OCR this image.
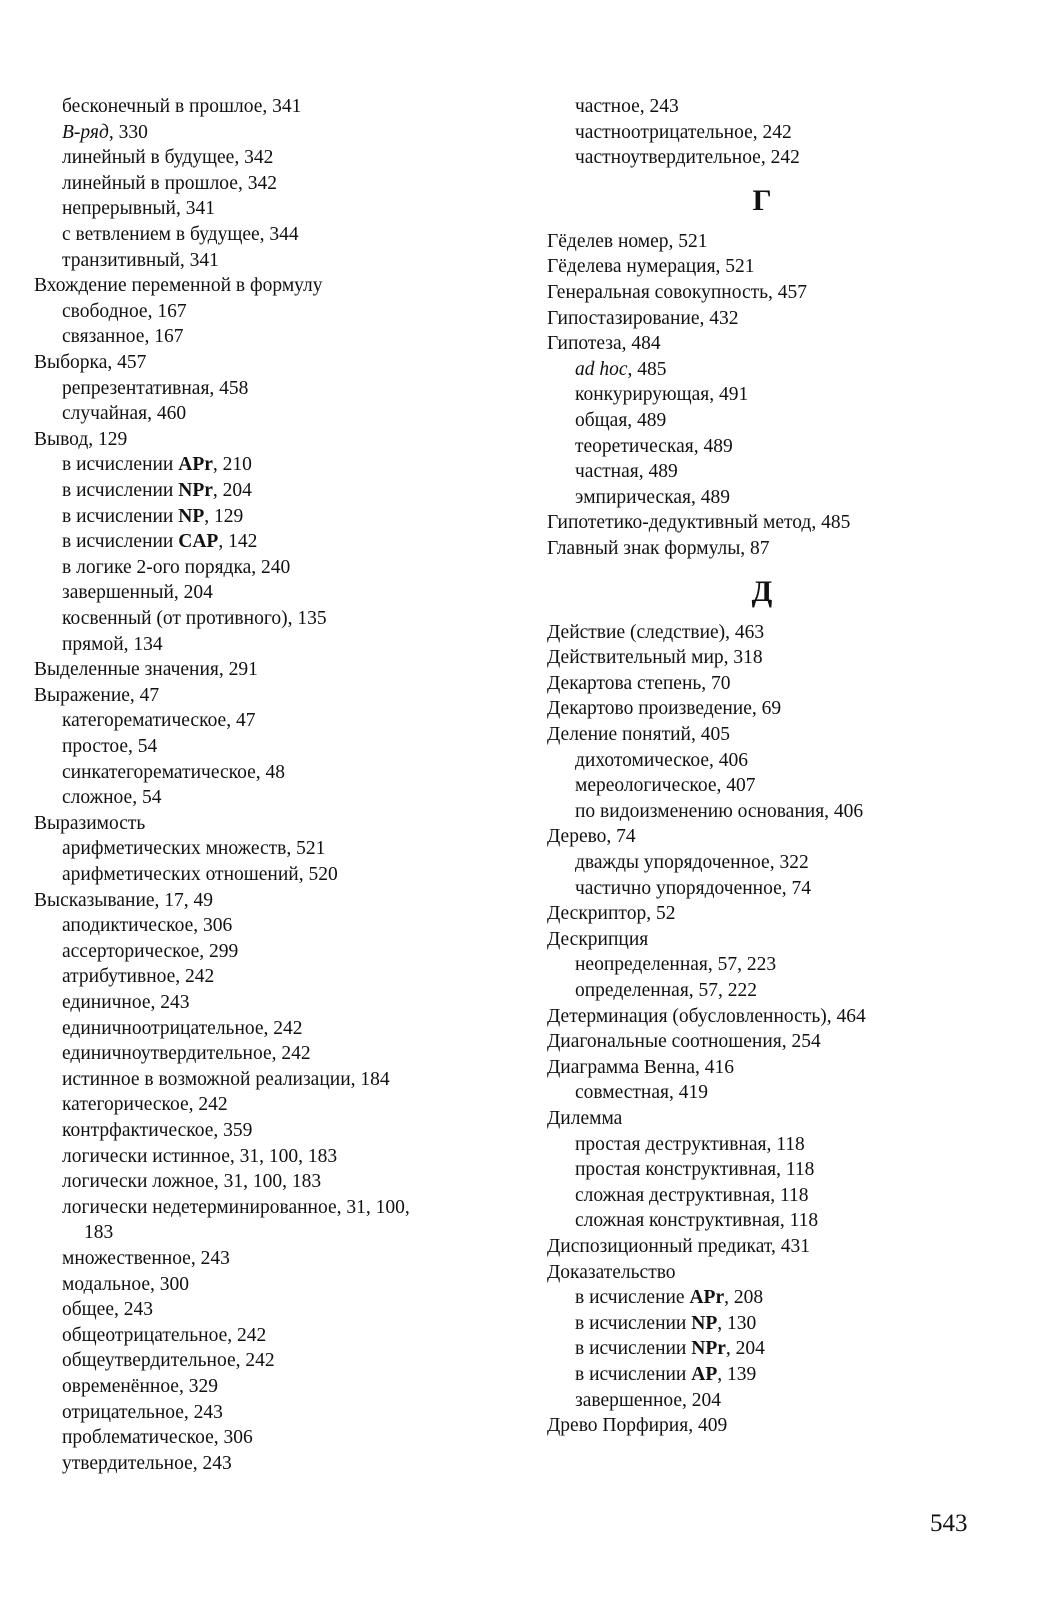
бесконечный в прошлое, 341
B-ряд, 330
линейный в будущее, 342
линейный в прошлое, 342
непрерывный, 341
с ветвлением в будущее, 344
транзитивный, 341
Вхождение переменной в формулу
свободное, 167
связанное, 167
Выборка, 457
репрезентативная, 458
случайная, 460
Вывод, 129
в исчислении APr, 210
в исчислении NPr, 204
в исчислении NP, 129
в исчислении CAP, 142
в логике 2-ого порядка, 240
завершенный, 204
косвенный (от противного), 135
прямой, 134
Выделенные значения, 291
Выражение, 47
категорематическое, 47
простое, 54
синкатегорематическое, 48
сложное, 54
Выразимость
арифметических множеств, 521
арифметических отношений, 520
Высказывание, 17, 49
аподиктическое, 306
ассерторическое, 299
атрибутивное, 242
единичное, 243
единичноотрицательное, 242
единичноутвердительное, 242
истинное в возможной реализации, 184
категорическое, 242
контрфактическое, 359
логически истинное, 31, 100, 183
логически ложное, 31, 100, 183
логически недетерминированное, 31, 100,
183
множественное, 243
модальное, 300
общее, 243
общеотрицательное, 242
общеутвердительное, 242
овременённое, 329
отрицательное, 243
проблематическое, 306
утвердительное, 243
частное, 243
частноотрицательное, 242
частноутвердительное, 242
Г
Гёделев номер, 521
Гёделева нумерация, 521
Генеральная совокупность, 457
Гипостазирование, 432
Гипотеза, 484
ad hoc, 485
конкурирующая, 491
общая, 489
теоретическая, 489
частная, 489
эмпирическая, 489
Гипотетико-дедуктивный метод, 485
Главный знак формулы, 87
Д
Действие (следствие), 463
Действительный мир, 318
Декартова степень, 70
Декартово произведение, 69
Деление понятий, 405
дихотомическое, 406
мереологическое, 407
по видоизменению основания, 406
Дерево, 74
дважды упорядоченное, 322
частично упорядоченное, 74
Дескриптор, 52
Дескрипция
неопределенная, 57, 223
определенная, 57, 222
Детерминация (обусловленность), 464
Диагональные соотношения, 254
Диаграмма Венна, 416
совместная, 419
Дилемма
простая деструктивная, 118
простая конструктивная, 118
сложная деструктивная, 118
сложная конструктивная, 118
Диспозиционный предикат, 431
Доказательство
в исчисление APr, 208
в исчислении NP, 130
в исчислении NPr, 204
в исчислении AP, 139
завершенное, 204
Древо Порфирия, 409
543
